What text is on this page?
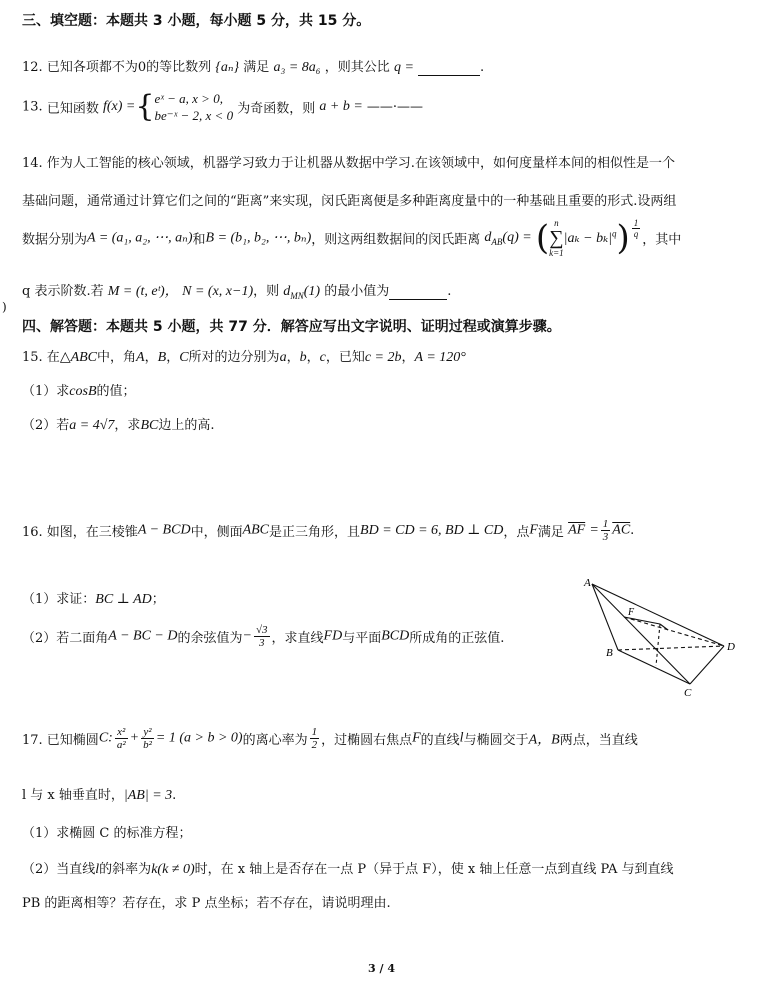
三、填空题：本题共 3 小题，每小题 5 分，共 15 分。
12. 已知各项都不为0的等比数列 {aₙ} 满足 a₃ = 8a₆ ，则其公比 q =	.
13. 已知函数 f(x) ={ eˣ − a, x > 0,
be⁻ˣ − 2, x < 0 为奇函数，则 a + b = ——·——
14. 作为人工智能的核心领域，机器学习致力于让机器从数据中学习.在该领域中，如何度量样本间的相似性是一个
基础问题，通常通过计算它们之间的“距离”来实现，闵氏距离便是多种距离度量中的一种基础且重要的形式.设两组
数据分别为A = (a₁, a₂, ⋯, aₙ)和B = (b₁, b₂, ⋯, bₙ)，则这两组数据间的闵氏距离 $d_{AB}(q)$ = ( n
∑
k=1
$|a_k - b_k|^q) \frac{1}{q}$
，其中
q 表示阶数.若 M = (t, eᵗ)， N = (x, x−1)，则 $d_{MN}(1)$ 的最小值为	.
)
四、解答题：本题共 5 小题，共 77 分．解答应写出文字说明、证明过程或演算步骤。
15. 在△ABC中，角A，B，C所对的边分别为a，b，c，已知c = 2b，A = 120°
（1）求cosB的值；
（2）若a = 4√7，求BC边上的高.
16. 如图，在三棱锥A − BCD中，侧面ABC是正三角形，且BD = CD = 6, BD ⊥ CD，点F满足 $\overline{AF} = \frac{1}{3} \overline{AC}$.
（1）求证：BC ⊥ AD；
（2）若二面角A − BC − D的余弦值为− $\frac{√3}{3}$ ，求直线FD与平面BCD所成角的正弦值.
A
F
B
C
D
17. 已知椭圆C: $\frac{\text{x²}}{\text{a²}} + \frac{\text{y²}}{\text{b²}} = 1$ (a > b > 0)的离心率为 $\frac{1}{2}$ ，过椭圆右焦点F的直线l与椭圆交于A，B两点，当直线
l 与 x 轴垂直时，|AB| = 3.
（1）求椭圆 C 的标准方程；
（2）当直线l的斜率为k(k ≠ 0)时，在 x 轴上是否存在一点 P（异于点 F），使 x 轴上任意一点到直线 PA 与到直线
PB 的距离相等？若存在，求 P 点坐标；若不存在，请说明理由.
3 / 4
